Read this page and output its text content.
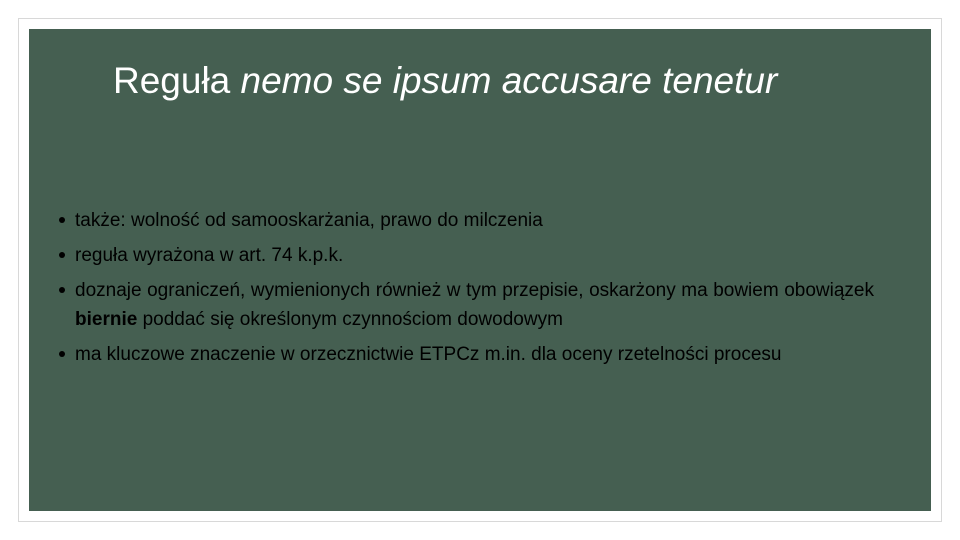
Reguła nemo se ipsum accusare tenetur
także: wolność od samooskarżania, prawo do milczenia
reguła wyrażona w art. 74 k.p.k.
doznaje ograniczeń, wymienionych również w tym przepisie, oskarżony ma bowiem obowiązek biernie poddać się określonym czynnościom dowodowym
ma kluczowe znaczenie w orzecznictwie ETPCz m.in. dla oceny rzetelności procesu
